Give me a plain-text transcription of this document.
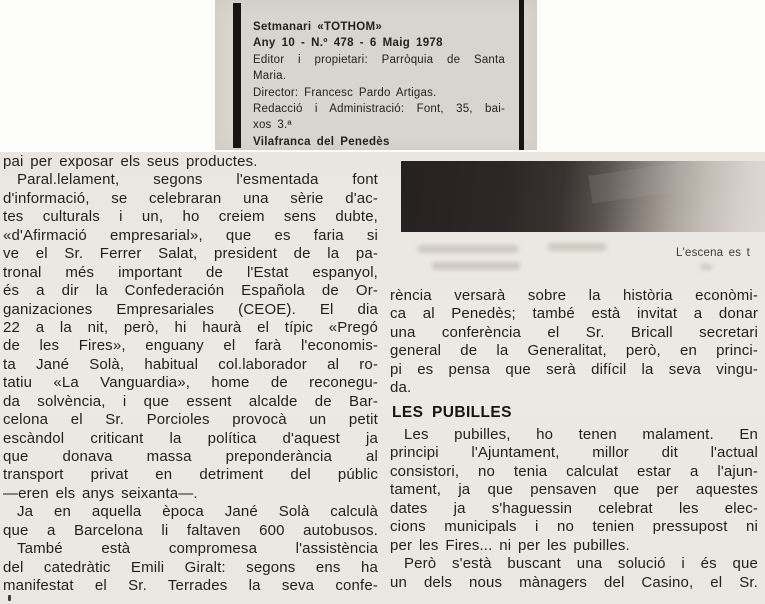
Setmanari «TOTHOM»
Any 10 - N.º 478 - 6 Maig 1978
Editor i propietari: Parròquia de Santa
Maria.
Director: Francesc Pardo Artigas.
Redacció i Administració: Font, 35, bai-
xos 3.ª
Vilafranca del Penedès
pai per exposar els seus productes.
Paral.lelament, segons l'esmentada font
d'informació, se celebraran una sèrie d'ac-
tes culturals i un, ho creiem sens dubte,
«d'Afirmació empresarial», que es faria si
ve el Sr. Ferrer Salat, president de la pa-
tronal més important de l'Estat espanyol,
és a dir la Confederación Española de Or-
ganizaciones Empresariales (CEOE). El dia
22 a la nit, però, hi haurà el típic «Pregó
de les Fires», enguany el farà l'economis-
ta Jané Solà, habitual col.laborador al ro-
tatiu «La Vanguardia», home de reconegu-
da solvència, i que essent alcalde de Bar-
celona el Sr. Porcioles provocà un petit
escàndol criticant la política d'aquest ja
que donava massa preponderància al
transport privat en detriment del públic
—eren els anys seixanta—.
Ja en aquella època Jané Solà calculà
que a Barcelona li faltaven 600 autobusos.
També està compromesa l'assistència
del catedràtic Emili Giralt: segons ens ha
manifestat el Sr. Terrades la seva confe-
L'escena es t
rència versarà sobre la història econòmi-
ca al Penedès; també està invitat a donar
una conferència el Sr. Bricall secretari
general de la Generalitat, però, en princi-
pi es pensa que serà difícil la seva vingu-
da.
LES PUBILLES
Les pubilles, ho tenen malament. En
principi l'Ajuntament, millor dit l'actual
consistori, no tenia calculat estar a l'ajun-
tament, ja que pensaven que per aquestes
dates ja s'haguessin celebrat les elec-
cions municipals i no tenien pressupost ni
per les Fires... ni per les pubilles.
Però s'està buscant una solució i és que
un dels nous mànagers del Casino, el Sr.
